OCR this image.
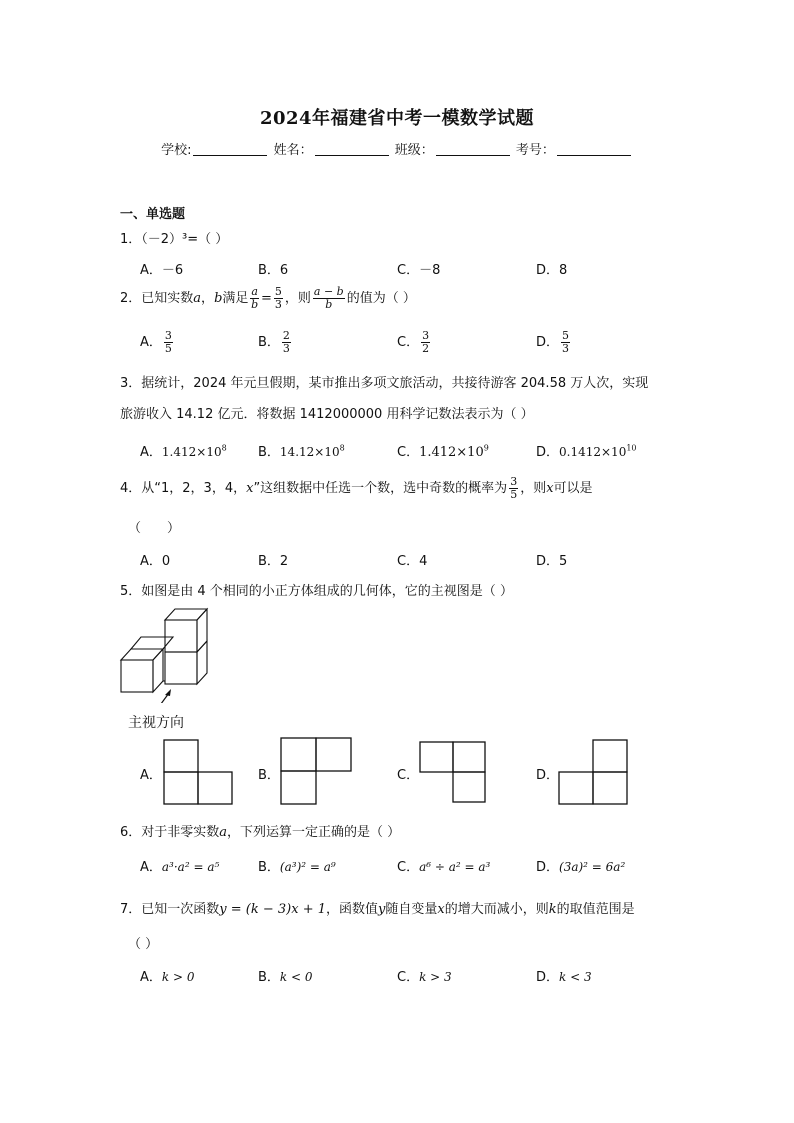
2024年福建省中考一模数学试题
学校:	姓名：	班级：	考号：
一、单选题
1．（－2）³=（ ）
A．－6	B．6	C．－8	D．8
2．已知实数a，b满足 $\frac{a}{b} = \frac{5}{3}$ ，则 $\frac{a - b}{b}$ 的值为（ ）
A． $\frac{3}{5}$	B． $\frac{2}{3}$	C． $\frac{3}{2}$	D． $\frac{5}{3}$
3．据统计，2024 年元旦假期，某市推出多项文旅活动，共接待游客 204.58 万人次，实现
旅游收入 14.12 亿元．将数据 1412000000 用科学记数法表示为（ ）
A．$1.412\times 10^8$ B．$14.12\times 10^8$	C．$1.412\times 10^9$	D．$0.1412\times 10^{10}$
4．从“1，2，3，4，x”这组数据中任选一个数，选中奇数的概率为 $\frac{3}{5}$ ，则x可以是
（　　）
A．0	B．2	C．4	D．5
5．如图是由 4 个相同的小正方体组成的几何体，它的主视图是（ ）
主视方向
A．	B．	C．	D．
6．对于非零实数a，下列运算一定正确的是（ ）
A．a³·a² = a⁵	B．(a³)² = a⁹	C．a⁶ ÷ a² = a³	D．(3a)² = 6a²
7．已知一次函数y = (k − 3)x + 1，函数值y随自变量x的增大而减小，则k的取值范围是
（ ）
A．k > 0	B．k < 0	C．k > 3	D．k < 3
